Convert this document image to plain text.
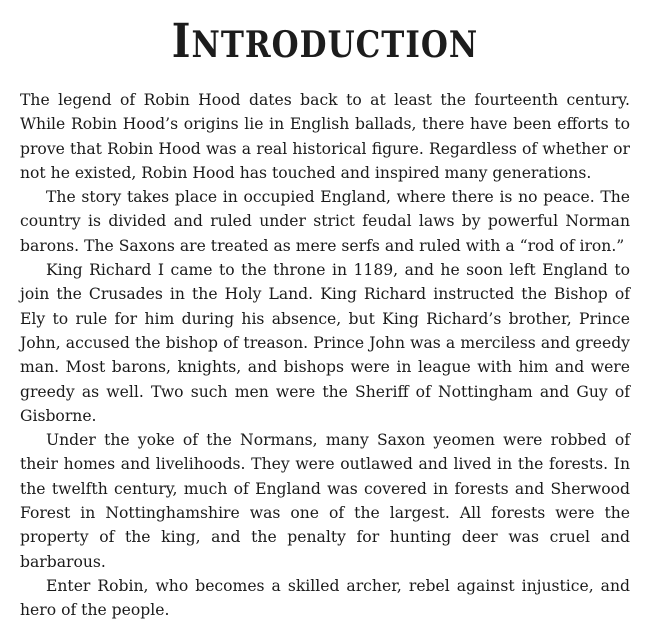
INTRODUCTION

The legend of Robin Hood dates back to at least the fourteenth century. While Robin Hood’s origins lie in English ballads, there have been efforts to prove that Robin Hood was a real historical figure. Regardless of whether or not he existed, Robin Hood has touched and inspired many generations.

The story takes place in occupied England, where there is no peace. The country is divided and ruled under strict feudal laws by powerful Norman barons. The Saxons are treated as mere serfs and ruled with a “rod of iron.”

King Richard I came to the throne in 1189, and he soon left England to join the Crusades in the Holy Land. King Richard instructed the Bishop of Ely to rule for him during his absence, but King Richard’s brother, Prince John, accused the bishop of treason. Prince John was a merciless and greedy man. Most barons, knights, and bishops were in league with him and were greedy as well. Two such men were the Sheriff of Nottingham and Guy of Gisborne.

Under the yoke of the Normans, many Saxon yeomen were robbed of their homes and livelihoods. They were outlawed and lived in the forests. In the twelfth century, much of England was covered in forests and Sherwood Forest in Nottinghamshire was one of the largest. All forests were the property of the king, and the penalty for hunting deer was cruel and barbarous.

Enter Robin, who becomes a skilled archer, rebel against injustice, and hero of the people.
